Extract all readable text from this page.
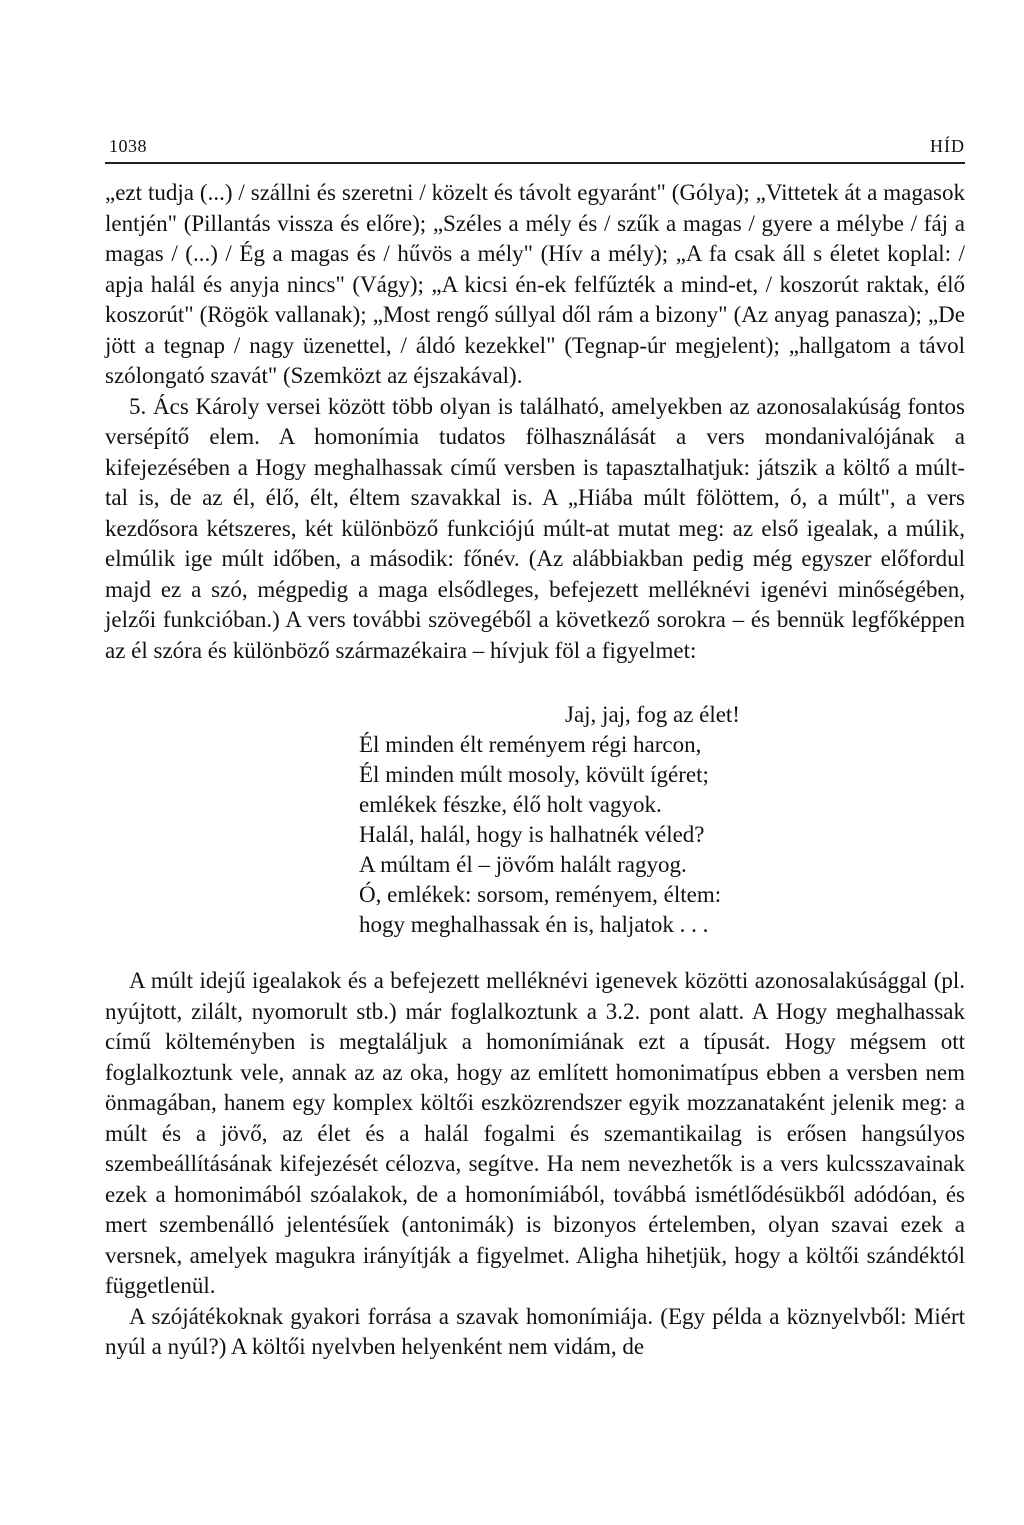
1038	HÍD

„ezt tudja (...) / szállni és szeretni / közelt és távolt egyaránt" (Gólya); „Vittetek át a magasok lentjén" (Pillantás vissza és előre); „Széles a mély és / szűk a magas / gyere a mélybe / fáj a magas / (...) / Ég a magas és / hűvös a mély" (Hív a mély); „A fa csak áll s életet koplal: / apja halál és anyja nincs" (Vágy); „A kicsi én-ek felfűzték a mind-et, / koszorút raktak, élő koszorút" (Rögök vallanak); „Most rengő súllyal dől rám a bizony" (Az anyag panasza); „De jött a tegnap / nagy üzenettel, / áldó kezekkel" (Tegnap-úr megjelent); „hallgatom a távol szólongató szavát" (Szemközt az éjszakával).

5. Ács Károly versei között több olyan is található, amelyekben az azonosalakúság fontos versépítő elem. A homonímia tudatos fölhasználását a vers mondanivalójának a kifejezésében a Hogy meghalhassak című versben is tapasztalhatjuk: játszik a költő a múlt-tal is, de az él, élő, élt, éltem szavakkal is. A „Hiába múlt fölöttem, ó, a múlt", a vers kezdősora kétszeres, két különböző funkciójú múlt-at mutat meg: az első igealak, a múlik, elmúlik ige múlt időben, a második: főnév. (Az alábbiakban pedig még egyszer előfordul majd ez a szó, mégpedig a maga elsődleges, befejezett melléknévi igenévi minőségében, jelzői funkcióban.) A vers további szövegéből a következő sorokra – és bennük legfőképpen az él szóra és különböző származékaira – hívjuk föl a figyelmet:

Jaj, jaj, fog az élet!
Él minden élt reményem régi harcon,
Él minden múlt mosoly, kövült ígéret;
emlékek fészke, élő holt vagyok.
Halál, halál, hogy is halhatnék véled?
A múltam él – jövőm halált ragyog.
Ó, emlékek: sorsom, reményem, éltem:
hogy meghalhassak én is, haljatok . . .

A múlt idejű igealakok és a befejezett melléknévi igenevek közötti azonosalakúsággal (pl. nyújtott, zilált, nyomorult stb.) már foglalkoztunk a 3.2. pont alatt. A Hogy meghalhassak című költeményben is megtaláljuk a homonímiának ezt a típusát. Hogy mégsem ott foglalkoztunk vele, annak az az oka, hogy az említett homonimatípus ebben a versben nem önmagában, hanem egy komplex költői eszközrendszer egyik mozzanataként jelenik meg: a múlt és a jövő, az élet és a halál fogalmi és szemantikailag is erősen hangsúlyos szembeállításának kifejezését célozva, segítve. Ha nem nevezhetők is a vers kulcsszavainak ezek a homonimából szóalakok, de a homonímiából, továbbá ismétlődésükből adódóan, és mert szembenálló jelentésűek (antonimák) is bizonyos értelemben, olyan szavai ezek a versnek, amelyek magukra irányítják a figyelmet. Aligha hihetjük, hogy a költői szándéktól függetlenül.

A szójátékoknak gyakori forrása a szavak homonímiája. (Egy példa a köznyelvből: Miért nyúl a nyúl?) A költői nyelvben helyenként nem vidám, de
